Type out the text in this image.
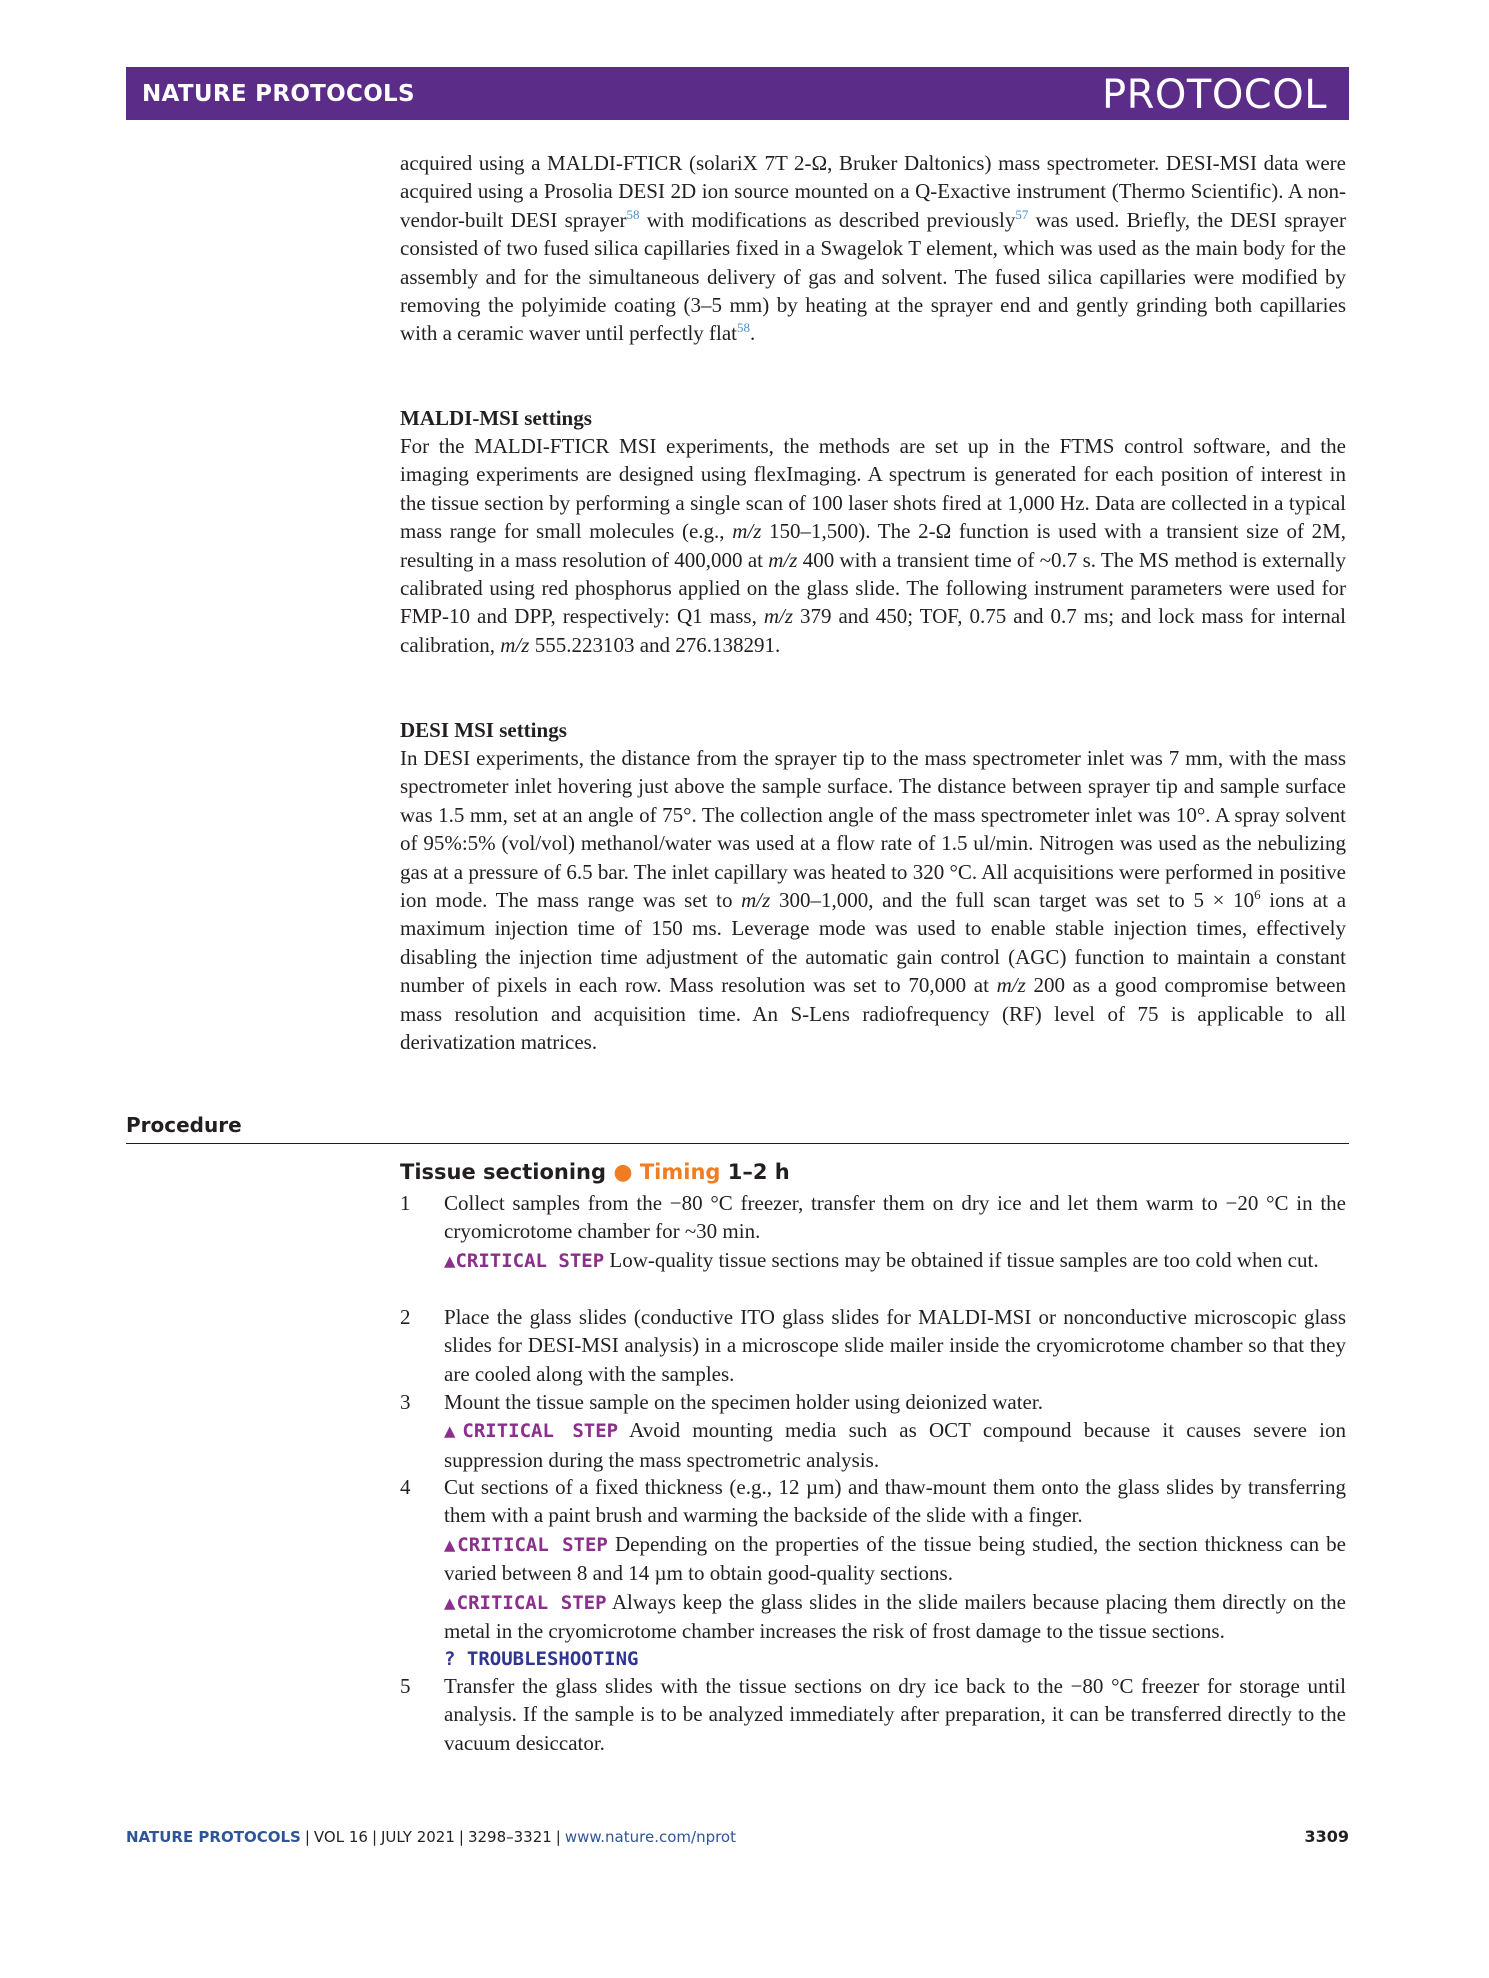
NATURE PROTOCOLS	PROTOCOL

acquired using a MALDI-FTICR (solariX 7T 2-Ω, Bruker Daltonics) mass spectrometer. DESI-MSI data were acquired using a Prosolia DESI 2D ion source mounted on a Q-Exactive instrument (Thermo Scientific). A non-vendor-built DESI sprayer$^{58}$ with modifications as described previously$^{57}$ was used. Briefly, the DESI sprayer consisted of two fused silica capillaries fixed in a Swagelok T element, which was used as the main body for the assembly and for the simultaneous delivery of gas and solvent. The fused silica capillaries were modified by removing the polyimide coating (3–5 mm) by heating at the sprayer end and gently grinding both capillaries with a ceramic waver until perfectly flat$^{58}$.

MALDI-MSI settings

For the MALDI-FTICR MSI experiments, the methods are set up in the FTMS control software, and the imaging experiments are designed using flexImaging. A spectrum is generated for each position of interest in the tissue section by performing a single scan of 100 laser shots fired at 1,000 Hz. Data are collected in a typical mass range for small molecules (e.g., m/z 150–1,500). The 2-Ω function is used with a transient size of 2M, resulting in a mass resolution of 400,000 at m/z 400 with a transient time of ~0.7 s. The MS method is externally calibrated using red phosphorus applied on the glass slide. The following instrument parameters were used for FMP-10 and DPP, respectively: Q1 mass, m/z 379 and 450; TOF, 0.75 and 0.7 ms; and lock mass for internal calibration, m/z 555.223103 and 276.138291.

DESI MSI settings

In DESI experiments, the distance from the sprayer tip to the mass spectrometer inlet was 7 mm, with the mass spectrometer inlet hovering just above the sample surface. The distance between sprayer tip and sample surface was 1.5 mm, set at an angle of 75°. The collection angle of the mass spectrometer inlet was 10°. A spray solvent of 95%:5% (vol/vol) methanol/water was used at a flow rate of 1.5 ul/min. Nitrogen was used as the nebulizing gas at a pressure of 6.5 bar. The inlet capillary was heated to 320 °C. All acquisitions were performed in positive ion mode. The mass range was set to m/z 300–1,000, and the full scan target was set to $5 \times 10^6$ ions at a maximum injection time of 150 ms. Leverage mode was used to enable stable injection times, effectively disabling the injection time adjustment of the automatic gain control (AGC) function to maintain a constant number of pixels in each row. Mass resolution was set to 70,000 at m/z 200 as a good compromise between mass resolution and acquisition time. An S-Lens radiofrequency (RF) level of 75 is applicable to all derivatization matrices.

Procedure
Tissue sectioning ● Timing 1–2 h
1	Collect samples from the −80 °C freezer, transfer them on dry ice and let them warm to −20 °C in the cryomicrotome chamber for ~30 min.
▲CRITICAL STEP Low-quality tissue sections may be obtained if tissue samples are too cold when cut.
2	Place the glass slides (conductive ITO glass slides for MALDI-MSI or nonconductive microscopic glass slides for DESI-MSI analysis) in a microscope slide mailer inside the cryomicrotome chamber so that they are cooled along with the samples.
3	Mount the tissue sample on the specimen holder using deionized water.
▲CRITICAL STEP Avoid mounting media such as OCT compound because it causes severe ion suppression during the mass spectrometric analysis.
4	Cut sections of a fixed thickness (e.g., 12 µm) and thaw-mount them onto the glass slides by transferring them with a paint brush and warming the backside of the slide with a finger.
▲CRITICAL STEP Depending on the properties of the tissue being studied, the section thickness can be varied between 8 and 14 µm to obtain good-quality sections.
▲CRITICAL STEP Always keep the glass slides in the slide mailers because placing them directly on the metal in the cryomicrotome chamber increases the risk of frost damage to the tissue sections.
? TROUBLESHOOTING
5	Transfer the glass slides with the tissue sections on dry ice back to the −80 °C freezer for storage until analysis. If the sample is to be analyzed immediately after preparation, it can be transferred directly to the vacuum desiccator.
NATURE PROTOCOLS | VOL 16 | JULY 2021 | 3298–3321 | www.nature.com/nprot	3309
